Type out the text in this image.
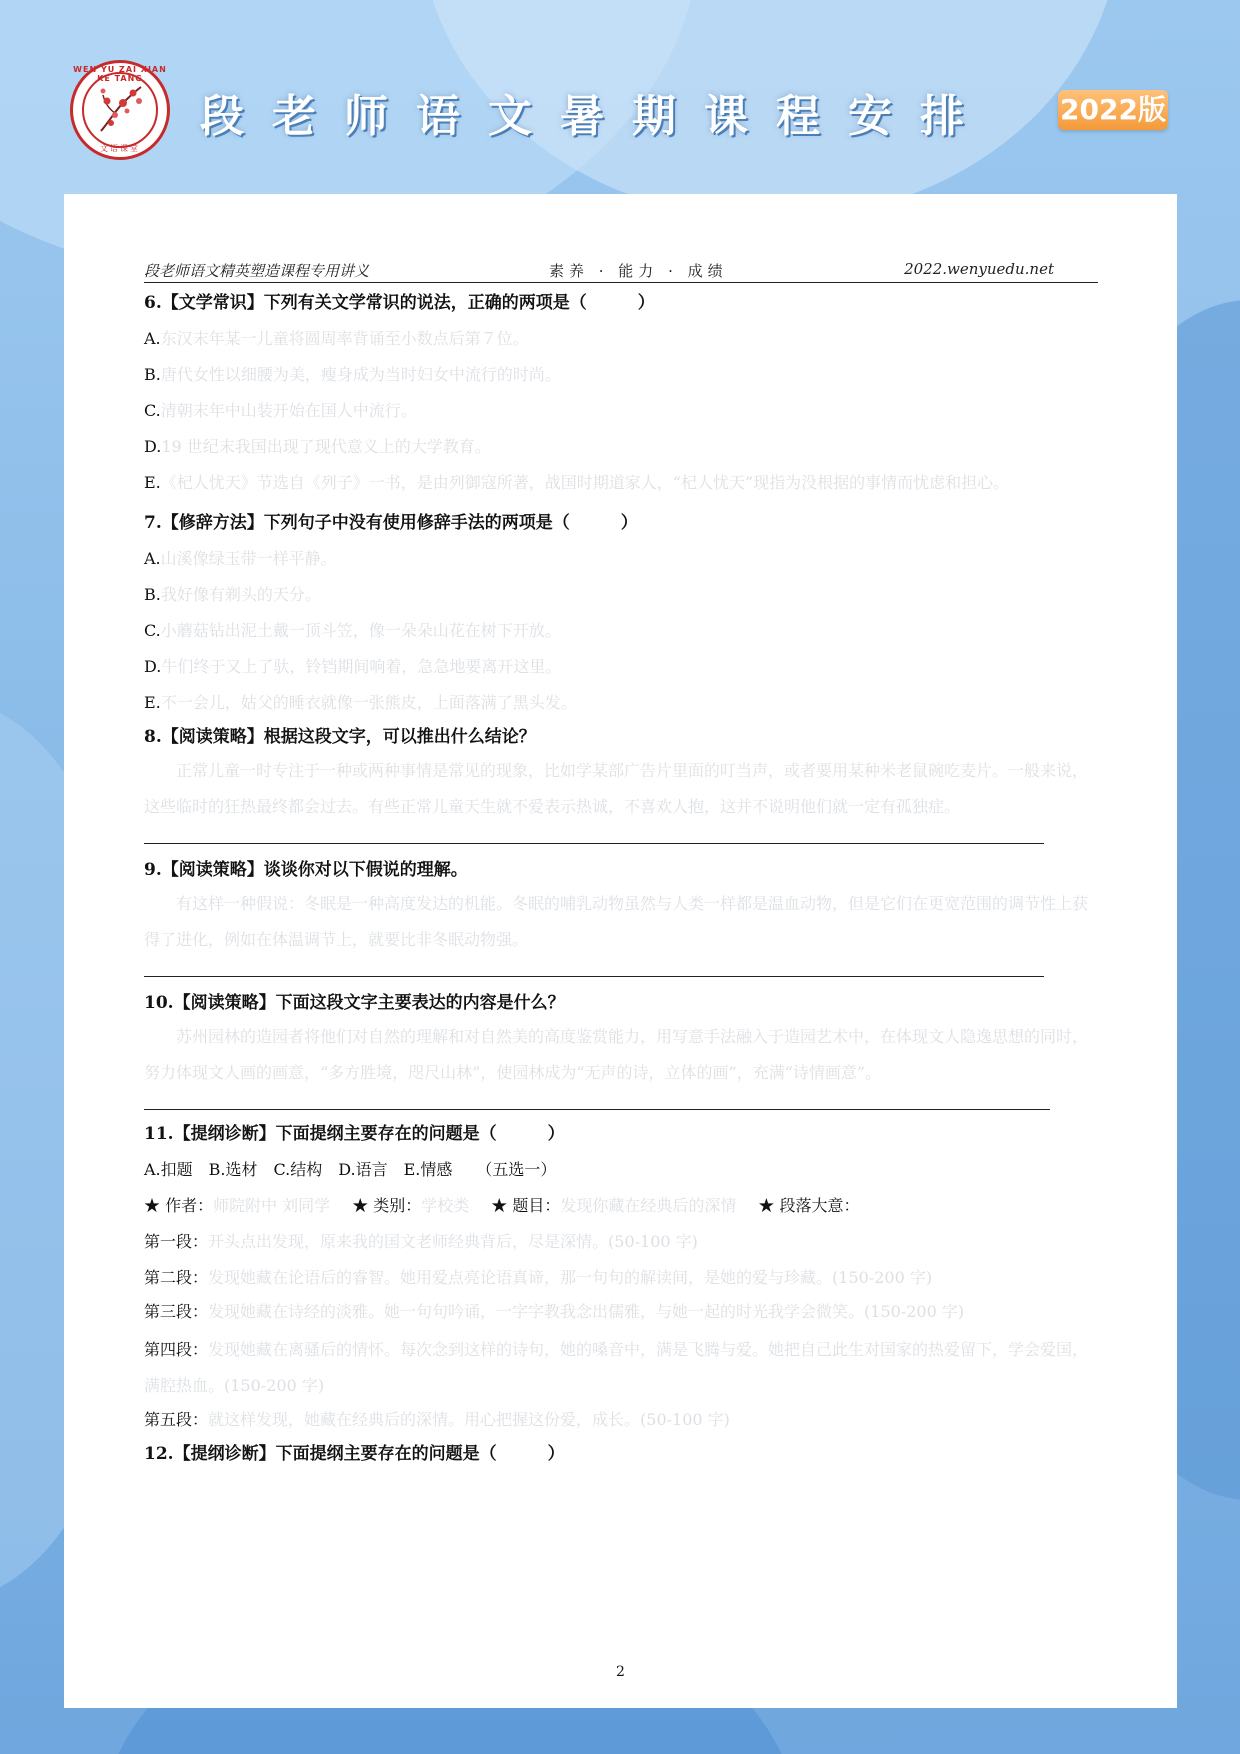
WEN YU ZAI XIAN KE TANG
文语课堂
段老师语文暑期课程安排 2022版
段老师语文精英塑造课程专用讲义	素养 · 能力 · 成绩	2022.wenyuedu.net

6.【文学常识】下列有关文学常识的说法，正确的两项是（　　　）

A.东汉末年某一儿童将圆周率背诵至小数点后第７位。
B.唐代女性以细腰为美，瘦身成为当时妇女中流行的时尚。
C.清朝末年中山装开始在国人中流行。
D.19 世纪末我国出现了现代意义上的大学教育。
E.《杞人忧天》节选自《列子》一书，是由列御寇所著，战国时期道家人，“杞人忧天”现指为没根据的事情而忧虑和担心。

7.【修辞方法】下列句子中没有使用修辞手法的两项是（　　　）

A.山溪像绿玉带一样平静。
B.我好像有剃头的天分。
C.小蘑菇钻出泥土戴一顶斗笠，像一朵朵山花在树下开放。
D.牛们终于又上了驮，铃铛期间响着，急急地要离开这里。
E.不一会儿，姑父的睡衣就像一张熊皮，上面落满了黑头发。

8.【阅读策略】根据这段文字，可以推出什么结论？

正常儿童一时专注于一种或两种事情是常见的现象，比如学某部广告片里面的叮当声，或者要用某种米老鼠碗吃麦片。一般来说，这些临时的狂热最终都会过去。有些正常儿童天生就不爱表示热诚，不喜欢人抱，这并不说明他们就一定有孤独症。

9.【阅读策略】谈谈你对以下假说的理解。

有这样一种假说：冬眠是一种高度发达的机能。冬眠的哺乳动物虽然与人类一样都是温血动物，但是它们在更宽范围的调节性上获得了进化，例如在体温调节上，就要比非冬眠动物强。

10.【阅读策略】下面这段文字主要表达的内容是什么？

苏州园林的造园者将他们对自然的理解和对自然美的高度鉴赏能力，用写意手法融入于造园艺术中，在体现文人隐逸思想的同时，努力体现文人画的画意，“多方胜境，咫尺山林”，使园林成为“无声的诗，立体的画”，充满“诗情画意”。

11.【提纲诊断】下面提纲主要存在的问题是（　　　）

A.扣题　B.选材　C.结构　D.语言　E.情感　　（五选一）
★ 作者：师院附中 刘同学 ★ 类别：学校类 ★ 题目：发现你藏在经典后的深情 ★ 段落大意：
第一段：开头点出发现，原来我的国文老师经典背后，尽是深情。(50-100 字)
第二段：发现她藏在论语后的睿智。她用爱点亮论语真谛，那一句句的解读间，是她的爱与珍藏。(150-200 字)
第三段：发现她藏在诗经的淡雅。她一句句吟诵，一字字教我念出儒雅，与她一起的时光我学会微笑。(150-200 字)
第四段：发现她藏在离骚后的情怀。每次念到这样的诗句，她的嗓音中，满是飞腾与爱。她把自己此生对国家的热爱留下，学会爱国，满腔热血。(150-200 字)
第五段：就这样发现，她藏在经典后的深情。用心把握这份爱，成长。(50-100 字)

12.【提纲诊断】下面提纲主要存在的问题是（　　　）

2
